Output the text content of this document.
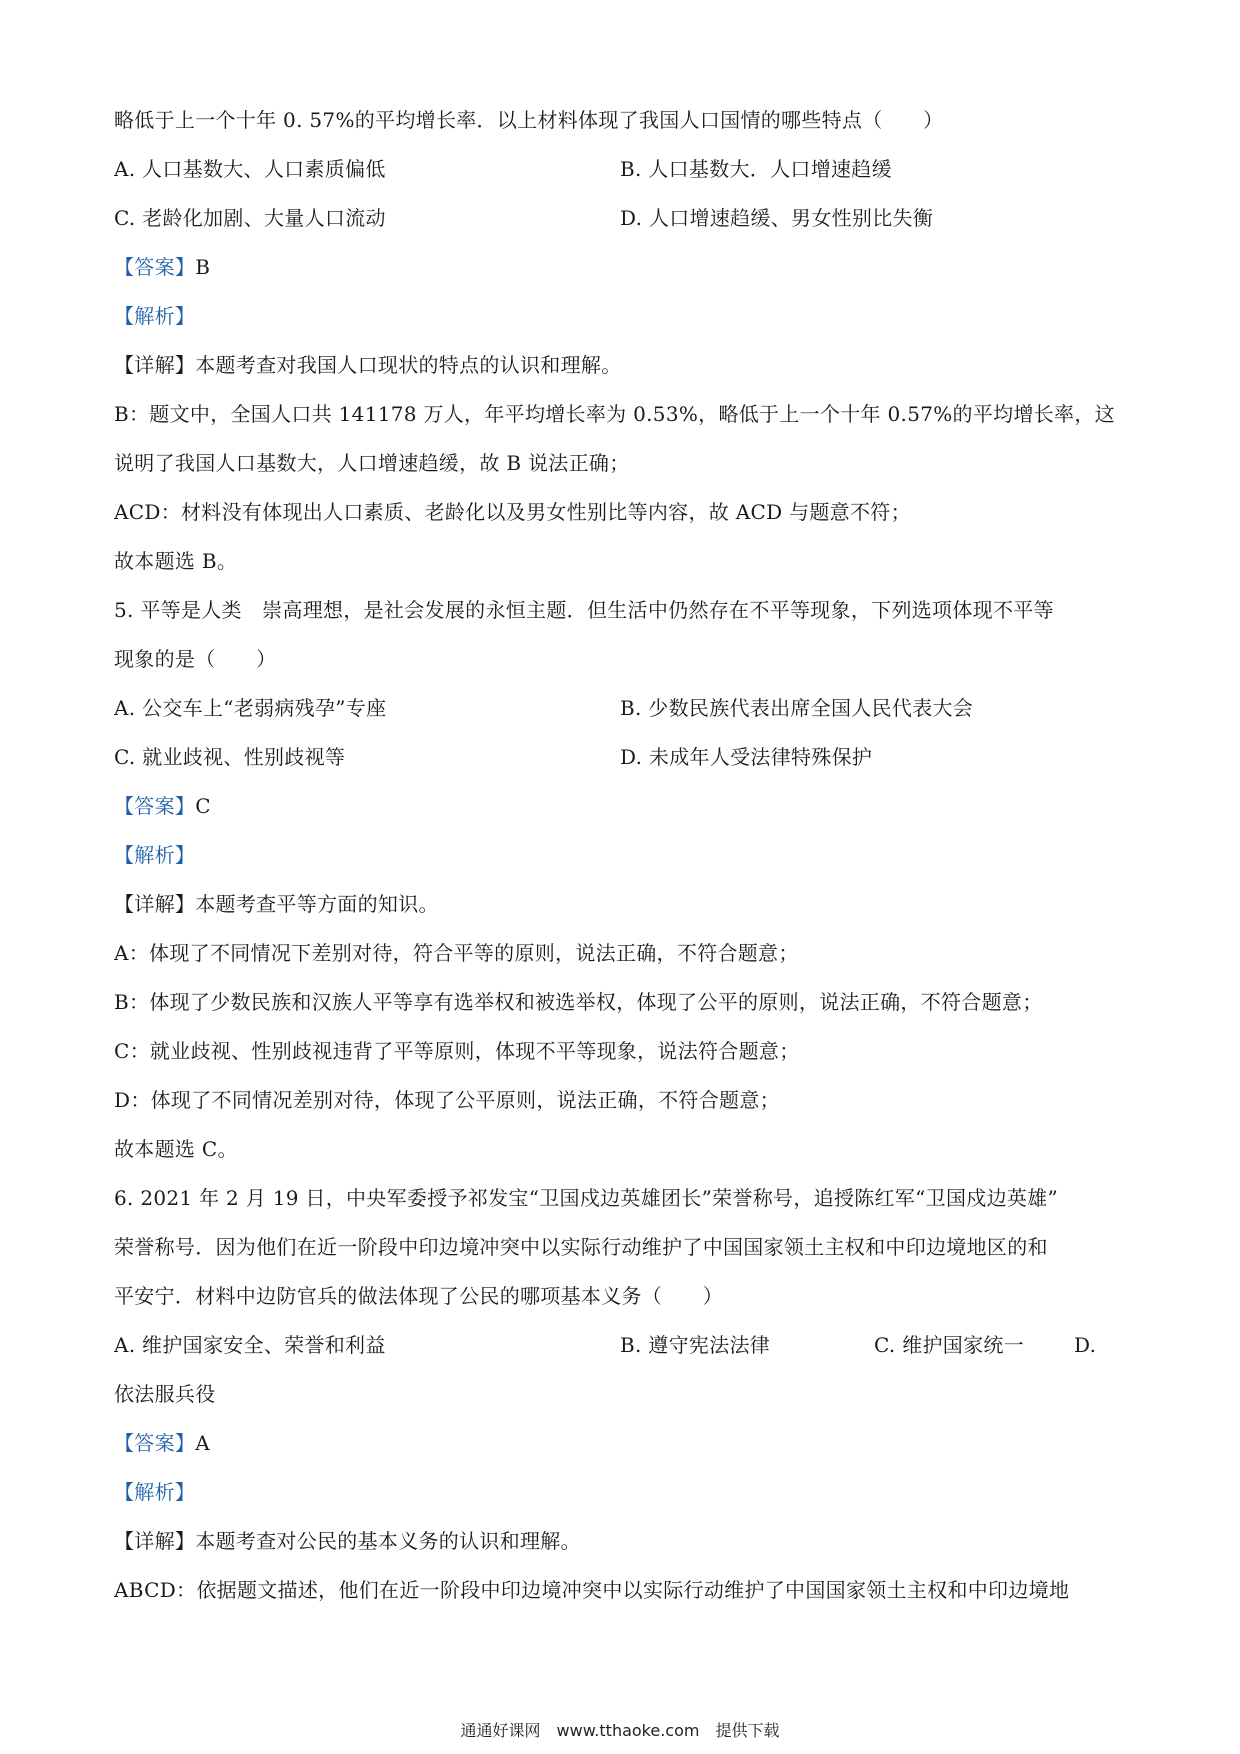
略低于上一个十年 0. 57%的平均增长率．以上材料体现了我国人口国情的哪些特点（　　）
A. 人口基数大、人口素质偏低	B. 人口基数大．人口增速趋缓
C. 老龄化加剧、大量人口流动	D. 人口增速趋缓、男女性别比失衡
【答案】B
【解析】
【详解】本题考查对我国人口现状的特点的认识和理解。
B：题文中，全国人口共 141178 万人，年平均增长率为 0.53%，略低于上一个十年 0.57%的平均增长率，这
说明了我国人口基数大，人口增速趋缓，故 B 说法正确；
ACD：材料没有体现出人口素质、老龄化以及男女性别比等内容，故 ACD 与题意不符；
故本题选 B。
5. 平等是人类　崇高理想，是社会发展的永恒主题．但生活中仍然存在不平等现象，下列选项体现不平等
现象的是（　　）
A. 公交车上“老弱病残孕”专座	B. 少数民族代表出席全国人民代表大会
C. 就业歧视、性别歧视等	D. 未成年人受法律特殊保护
【答案】C
【解析】
【详解】本题考查平等方面的知识。
A：体现了不同情况下差别对待，符合平等的原则，说法正确，不符合题意；
B：体现了少数民族和汉族人平等享有选举权和被选举权，体现了公平的原则，说法正确，不符合题意；
C：就业歧视、性别歧视违背了平等原则，体现不平等现象，说法符合题意；
D：体现了不同情况差别对待，体现了公平原则，说法正确，不符合题意；
故本题选 C。
6. 2021 年 2 月 19 日，中央军委授予祁发宝“卫国戍边英雄团长”荣誉称号，追授陈红军“卫国戍边英雄”
荣誉称号．因为他们在近一阶段中印边境冲突中以实际行动维护了中国国家领土主权和中印边境地区的和
平安宁．材料中边防官兵的做法体现了公民的哪项基本义务（　　）
A. 维护国家安全、荣誉和利益	B. 遵守宪法法律	C. 维护国家统一 D.
依法服兵役
【答案】A
【解析】
【详解】本题考查对公民的基本义务的认识和理解。
ABCD：依据题文描述，他们在近一阶段中印边境冲突中以实际行动维护了中国国家领土主权和中印边境地
通通好课网　www.tthaoke.com　提供下载
